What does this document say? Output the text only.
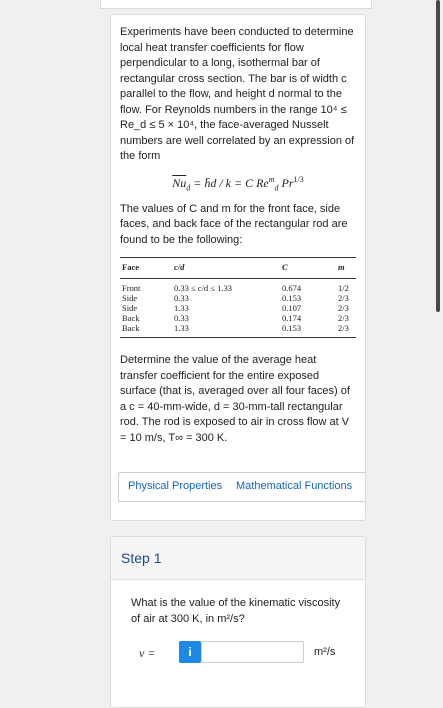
Experiments have been conducted to determine local heat transfer coefficients for flow perpendicular to a long, isothermal bar of rectangular cross section. The bar is of width c parallel to the flow, and height d normal to the flow. For Reynolds numbers in the range 10⁴ ≤ Re_d ≤ 5 × 10⁴, the face-averaged Nusselt numbers are well correlated by an expression of the form

$\overline{Nu}_d$ = h̄d / k = C $Re^m_d$ $Pr^{1/3}$

The values of C and m for the front face, side faces, and back face of the rectangular rod are found to be the following:

Face	c/d	C	m
Front	0.33 ≤ c/d ≤ 1.33	0.674	1/2
Side	0.33	0.153	2/3
Side	1.33	0.107	2/3
Back	0.33	0.174	2/3
Back	1.33	0.153	2/3

Determine the value of the average heat transfer coefficient for the entire exposed surface (that is, averaged over all four faces) of a c = 40-mm-wide, d = 30-mm-tall rectangular rod. The rod is exposed to air in cross flow at V = 10 m/s, T∞ = 300 K.

Physical Properties Mathematical Functions
Step 1
What is the value of the kinematic viscosity of air at 300 K, in m²/s?
ν =	i	m²/s
